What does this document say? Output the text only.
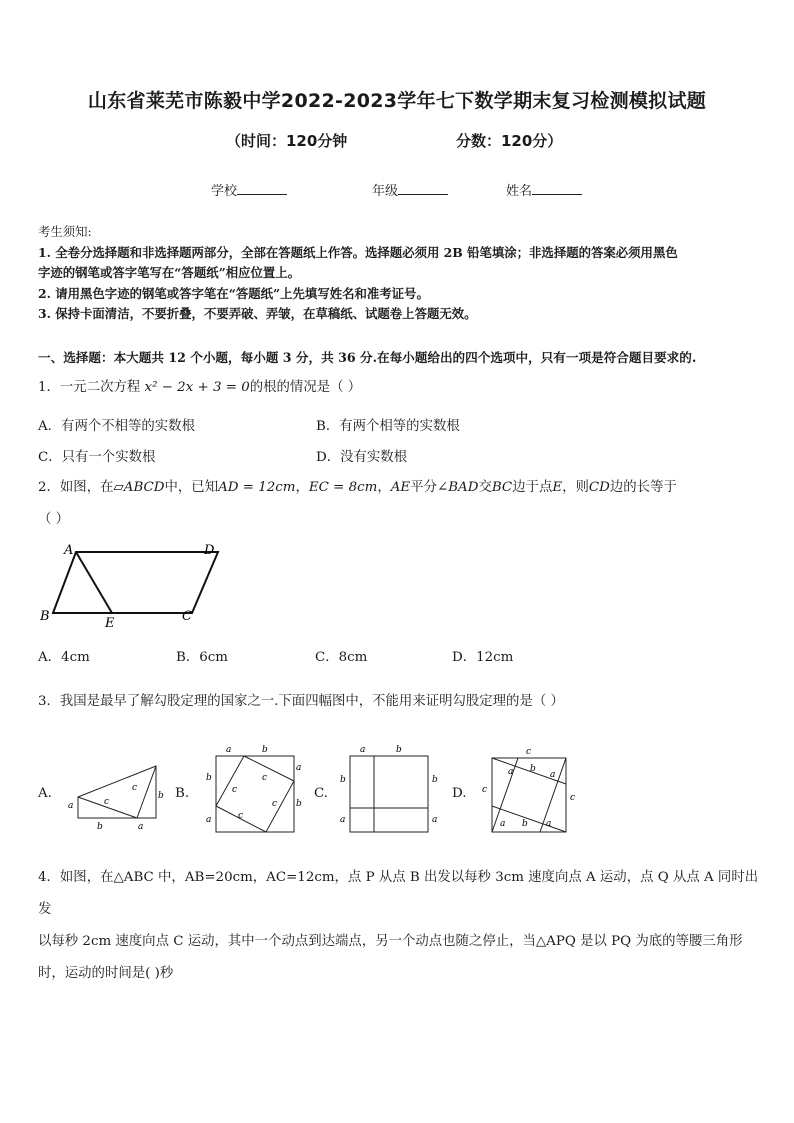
山东省莱芜市陈毅中学2022-2023学年七下数学期末复习检测模拟试题
（时间：120分钟	分数：120分）
学校	年级	姓名
考生须知:
1. 全卷分选择题和非选择题两部分，全部在答题纸上作答。选择题必须用 2B 铅笔填涂；非选择题的答案必须用黑色
字迹的钢笔或答字笔写在“答题纸”相应位置上。
2. 请用黑色字迹的钢笔或答字笔在“答题纸”上先填写姓名和准考证号。
3. 保持卡面清洁，不要折叠，不要弄破、弄皱，在草稿纸、试题卷上答题无效。
一、选择题：本大题共 12 个小题，每小题 3 分，共 36 分.在每小题给出的四个选项中，只有一项是符合题目要求的.
1．一元二次方程 x² − 2x + 3 = 0的根的情况是（ ）
A．有两个不相等的实数根	B．有两个相等的实数根
C．只有一个实数根	D．没有实数根
2．如图，在▱ABCD中，已知AD = 12cm，EC = 8cm，AE平分∠BAD交BC边于点E，则CD边的长等于
（ ）
A	D
B	C
E
A．4cm	B．6cm	C．8cm	D．12cm
3．我国是最早了解勾股定理的国家之一.下面四幅图中，不能用来证明勾股定理的是（ ）
A.
a	c
c
b
b	a
B.
a	b
a
b
b
a
c
c
c
c
C.
a	b
b
a
b
a
D.
c
c
c
a b
a
a b a
4．如图，在△ABC 中，AB=20cm，AC=12cm，点 P 从点 B 出发以每秒 3cm 速度向点 A 运动，点 Q 从点 A 同时出发
以每秒 2cm 速度向点 C 运动，其中一个动点到达端点，另一个动点也随之停止，当△APQ 是以 PQ 为底的等腰三角形
时，运动的时间是( )秒
